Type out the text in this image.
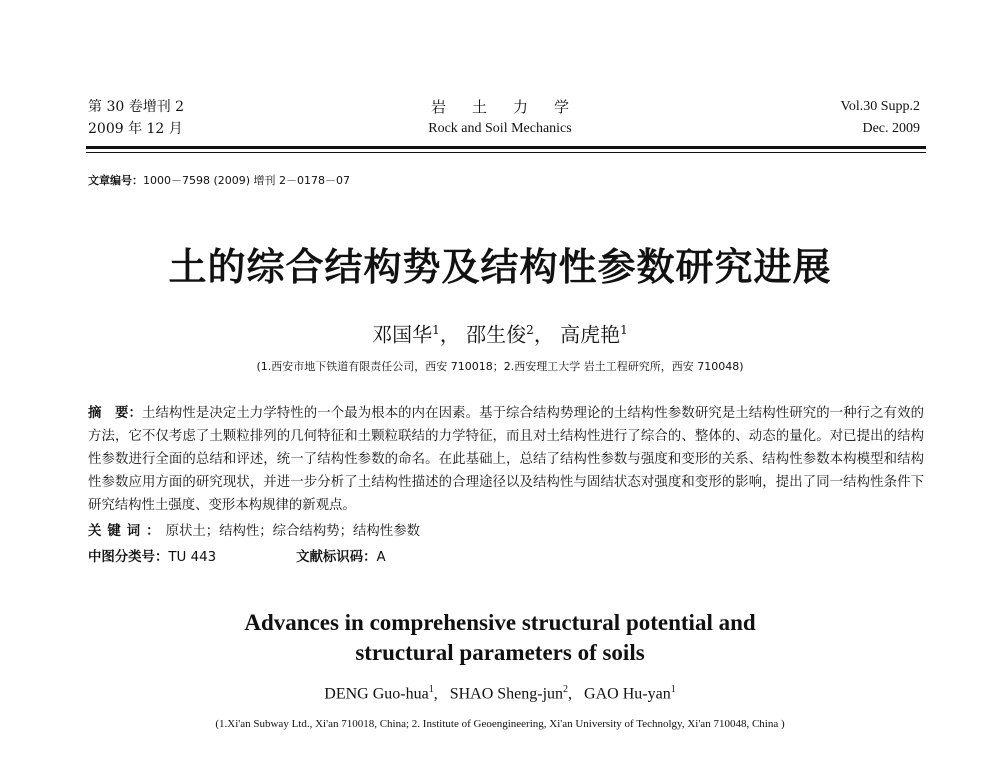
第 30 卷增刊 2
2009 年 12 月
岩土力学
Rock and Soil Mechanics
Vol.30 Supp.2
Dec. 2009
文章编号：1000－7598 (2009) 增刊 2－0178－07
土的综合结构势及结构性参数研究进展
邓国华$^1$， 邵生俊$^2$， 高虎艳$^1$
(1.西安市地下铁道有限责任公司，西安 710018；2.西安理工大学 岩土工程研究所，西安 710048)
摘　要：土结构性是决定土力学特性的一个最为根本的内在因素。基于综合结构势理论的土结构性参数研究是土结构性研究的一种行之有效的方法，它不仅考虑了土颗粒排列的几何特征和土颗粒联结的力学特征，而且对土结构性进行了综合的、整体的、动态的量化。对已提出的结构性参数进行全面的总结和评述，统一了结构性参数的命名。在此基础上，总结了结构性参数与强度和变形的关系、结构性参数本构模型和结构性参数应用方面的研究现状，并进一步分析了土结构性描述的合理途径以及结构性与固结状态对强度和变形的影响，提出了同一结构性条件下研究结构性土强度、变形本构规律的新观点。
关键词：原状土；结构性；综合结构势；结构性参数
中图分类号：TU 443	文献标识码：A
Advances in comprehensive structural potential and
structural parameters of soils
DENG Guo-hua$^1$,   SHAO Sheng-jun$^2$,   GAO Hu-yan$^1$
(1.Xi'an Subway Ltd., Xi'an 710018, China; 2. Institute of Geoengineering, Xi'an University of Technolgy, Xi'an 710048, China )
